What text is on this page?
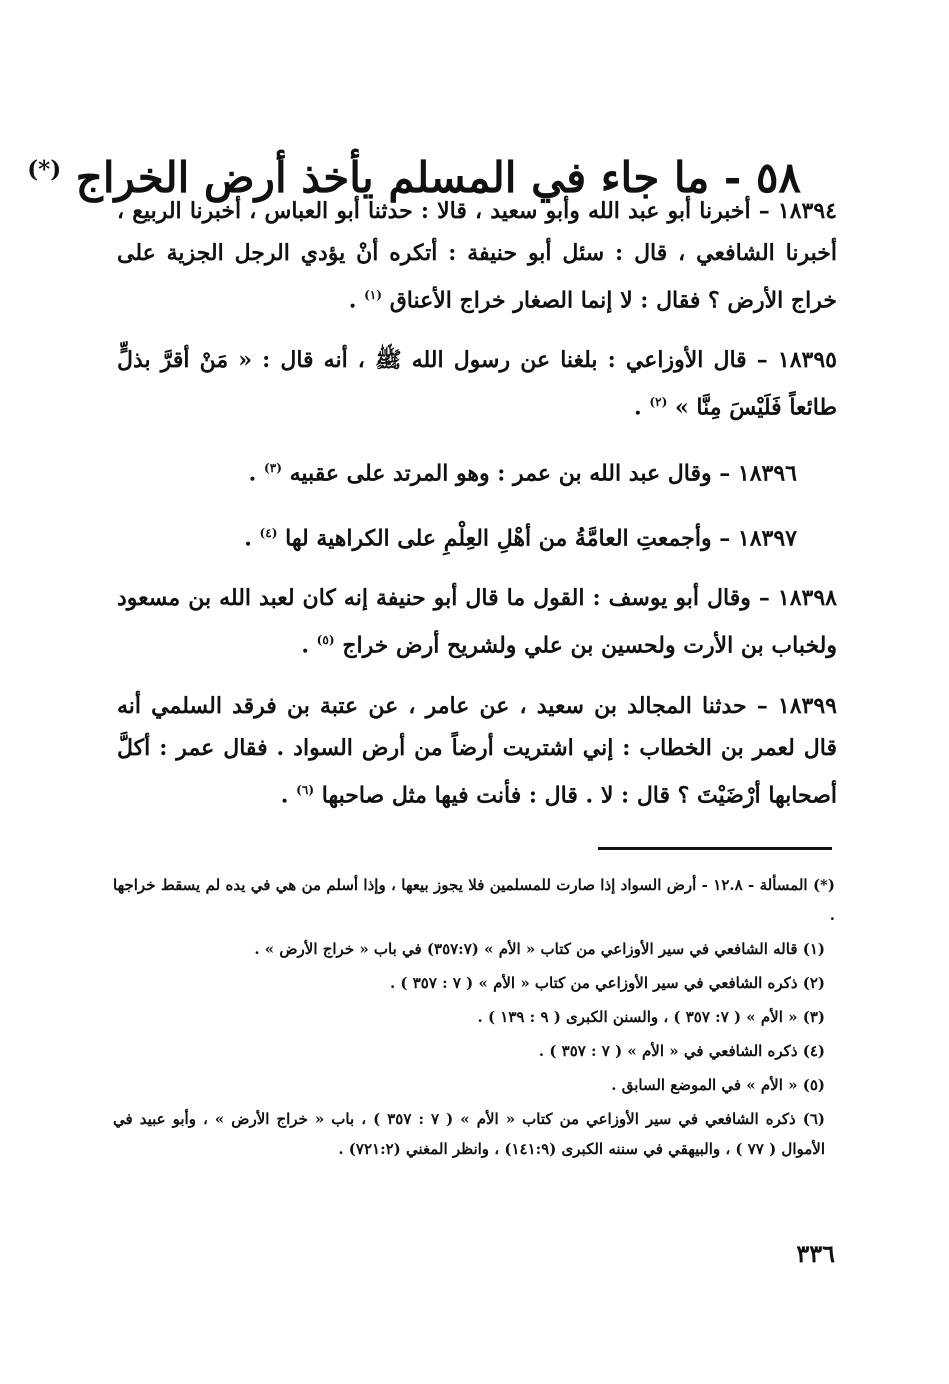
٥٨ - ما جاء في المسلم يأخذ أرض الخراج (*)

١٨٣٩٤ – أخبرنا أبو عبد الله وأبو سعيد ، قالا : حدثنا أبو العباس ، أخبرنا الربيع ، أخبرنا الشافعي ، قال : سئل أبو حنيفة : أتكره أنْ يؤدي الرجل الجزية على خراج الأرض ؟ فقال : لا إنما الصغار خراج الأعناق $^{(١)}$ .

١٨٣٩٥ – قال الأوزاعي : بلغنا عن رسول الله ﷺ ، أنه قال : « مَنْ أقرَّ بذلٍّ طائعاً فَلَيْسَ مِنَّا » $^{(٢)}$ .

١٨٣٩٦ – وقال عبد الله بن عمر : وهو المرتد على عقبيه $^{(٣)}$ .

١٨٣٩٧ – وأجمعتِ العامَّةُ من أهْلِ العِلْمِ على الكراهية لها $^{(٤)}$ .

١٨٣٩٨ – وقال أبو يوسف : القول ما قال أبو حنيفة إنه كان لعبد الله بن مسعود ولخباب بن الأرت ولحسين بن علي ولشريح أرض خراج $^{(٥)}$ .

١٨٣٩٩ – حدثنا المجالد بن سعيد ، عن عامر ، عن عتبة بن فرقد السلمي أنه قال لعمر بن الخطاب : إني اشتريت أرضاً من أرض السواد . فقال عمر : أكلَّ أصحابها أرْضَيْتَ ؟ قال : لا . قال : فأنت فيها مثل صاحبها $^{(٦)}$ .

(*) المسألة - ١٢.٨ - أرض السواد إذا صارت للمسلمين فلا يجوز بيعها ، وإذا أسلم من هي في يده لم يسقط خراجها .

(١) قاله الشافعي في سير الأوزاعي من كتاب « الأم » (٣٥٧:٧) في باب « خراج الأرض » .

(٢) ذكره الشافعي في سير الأوزاعي من كتاب « الأم » ( ٧ : ٣٥٧ ) .

(٣) « الأم » ( ٧: ٣٥٧ ) ، والسنن الكبرى ( ٩ : ١٣٩ ) .

(٤) ذكره الشافعي في « الأم » ( ٧ : ٣٥٧ ) .

(٥) « الأم » في الموضع السابق .

(٦) ذكره الشافعي في سير الأوزاعي من كتاب « الأم » ( ٧ : ٣٥٧ ) ، باب « خراج الأرض » ، وأبو عبيد في الأموال ( ٧٧ ) ، والبيهقي في سننه الكبرى (١٤١:٩) ، وانظر المغني (٧٢١:٢) .

٣٣٦
